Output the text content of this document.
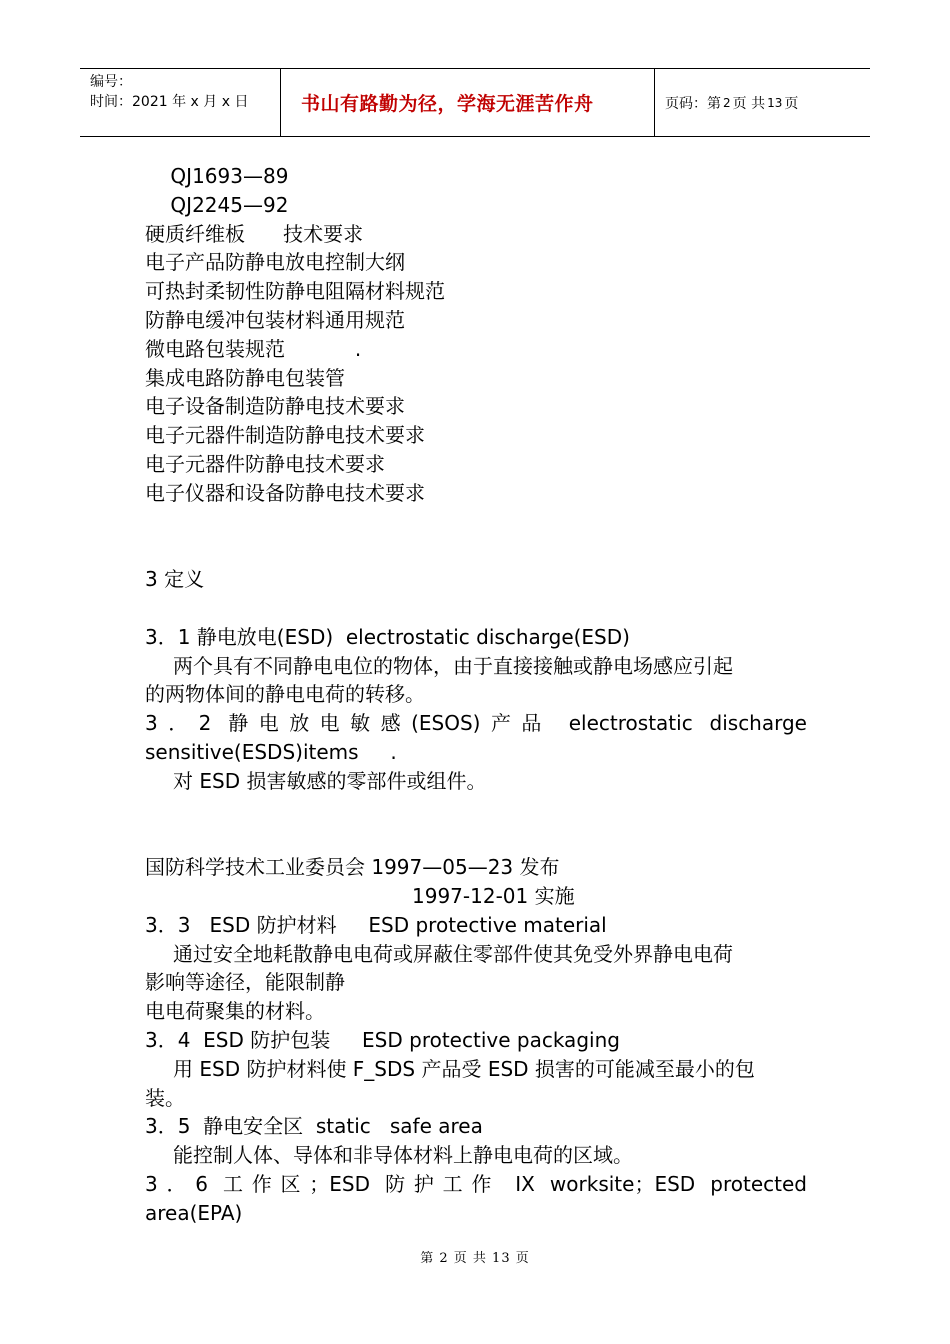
编号：
时间：2021 年 x 月 x 日	书山有路勤为径，学海无涯苦作舟	页码：第 2 页 共 13 页
QJ1693—89
QJ2245—92
硬质纤维板      技术要求
电子产品防静电放电控制大纲
可热封柔韧性防静电阻隔材料规范
防静电缓冲包装材料通用规范
微电路包装规范           .
集成电路防静电包装管
电子设备制造防静电技术要求
电子元器件制造防静电技术要求
电子元器件防静电技术要求
电子仪器和设备防静电技术要求
3 定义
3．1 静电放电(ESD)  electrostatic discharge(ESD)
两个具有不同静电电位的物体，由于直接接触或静电场感应引起
的两物体间的静电电荷的转移。
3．2 静电放电敏感(ESOS)产品 electrostatic discharge
sensitive(ESDS)items     .
对 ESD 损害敏感的零部件或组件。
国防科学技术工业委员会 1997—05—23 发布
1997-12-01 实施
3．3   ESD 防护材料     ESD protective material
通过安全地耗散静电电荷或屏蔽住零部件使其免受外界静电电荷
影响等途径，能限制静
电电荷聚集的材料。
3．4  ESD 防护包装     ESD protective packaging
用 ESD 防护材料使 F_SDS 产品受 ESD 损害的可能减至最小的包
装。
3．5  静电安全区  static   safe area
能控制人体、导体和非导体材料上静电电荷的区域。
3．6 工作区；ESD 防护工作 IX worksite；ESD protected
area(EPA)
第 2 页 共 13 页
